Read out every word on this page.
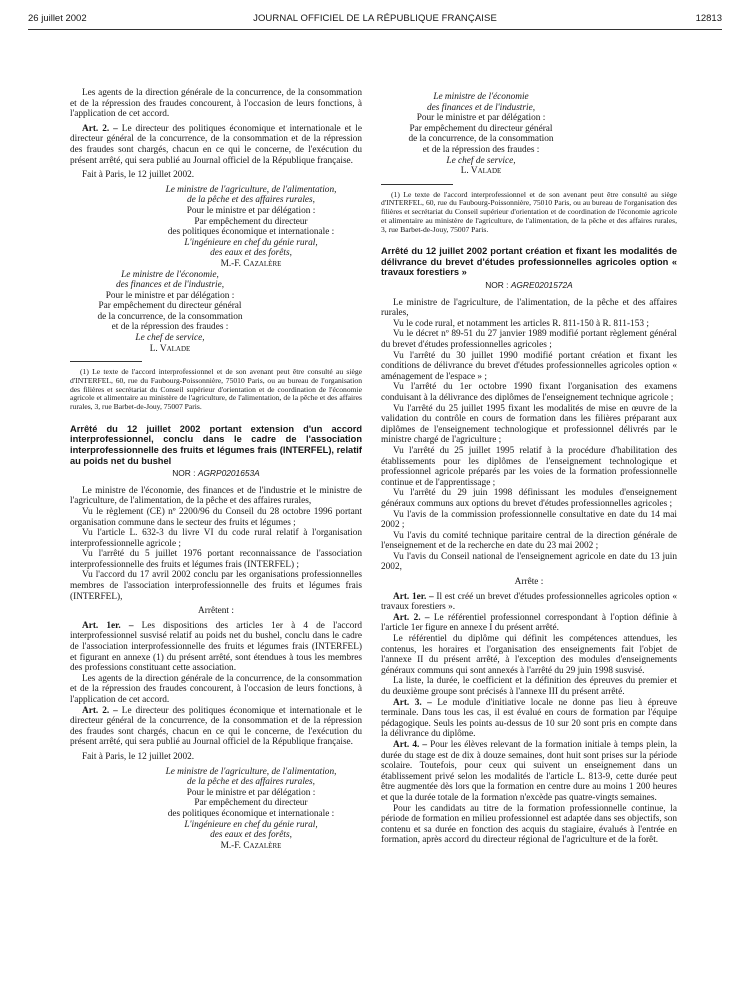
26 juillet 2002	JOURNAL OFFICIEL DE LA RÉPUBLIQUE FRANÇAISE	12813

Les agents de la direction générale de la concurrence, de la consommation et de la répression des fraudes concourent, à l'occasion de leurs fonctions, à l'application de cet accord.

Art. 2. – Le directeur des politiques économique et internationale et le directeur général de la concurrence, de la consommation et de la répression des fraudes sont chargés, chacun en ce qui le concerne, de l'exécution du présent arrêté, qui sera publié au Journal officiel de la République française.

Fait à Paris, le 12 juillet 2002.

Le ministre de l'agriculture, de l'alimentation,

de la pêche et des affaires rurales,

Pour le ministre et par délégation :

Par empêchement du directeur

des politiques économique et internationale :

L'ingénieure en chef du génie rural,

des eaux et des forêts,

M.-F. Cazalère

Le ministre de l'économie,

des finances et de l'industrie,

Pour le ministre et par délégation :

Par empêchement du directeur général

de la concurrence, de la consommation

et de la répression des fraudes :

Le chef de service,

L. Valade

(1) Le texte de l'accord interprofessionnel et de son avenant peut être consulté au siège d'INTERFEL, 60, rue du Faubourg-Poissonnière, 75010 Paris, ou au bureau de l'organisation des filières et secrétariat du Conseil supérieur d'orientation et de coordination de l'économie agricole et alimentaire au ministère de l'agriculture, de l'alimentation, de la pêche et des affaires rurales, 3, rue Barbet-de-Jouy, 75007 Paris.

Arrêté du 12 juillet 2002 portant extension d'un accord interprofessionnel, conclu dans le cadre de l'association interprofessionnelle des fruits et légumes frais (INTERFEL), relatif au poids net du bushel

NOR : AGRP0201653A

Le ministre de l'économie, des finances et de l'industrie et le ministre de l'agriculture, de l'alimentation, de la pêche et des affaires rurales,

Vu le règlement (CE) nº 2200/96 du Conseil du 28 octobre 1996 portant organisation commune dans le secteur des fruits et légumes ;

Vu l'article L. 632-3 du livre VI du code rural relatif à l'organisation interprofessionnelle agricole ;

Vu l'arrêté du 5 juillet 1976 portant reconnaissance de l'association interprofessionnelle des fruits et légumes frais (INTERFEL) ;

Vu l'accord du 17 avril 2002 conclu par les organisations professionnelles membres de l'association interprofessionnelle des fruits et légumes frais (INTERFEL),

Arrêtent :

Art. 1er. – Les dispositions des articles 1er à 4 de l'accord interprofessionnel susvisé relatif au poids net du bushel, conclu dans le cadre de l'association interprofessionnelle des fruits et légumes frais (INTERFEL) et figurant en annexe (1) du présent arrêté, sont étendues à tous les membres des professions constituant cette association.

Les agents de la direction générale de la concurrence, de la consommation et de la répression des fraudes concourent, à l'occasion de leurs fonctions, à l'application de cet accord.

Art. 2. – Le directeur des politiques économique et internationale et le directeur général de la concurrence, de la consommation et de la répression des fraudes sont chargés, chacun en ce qui le concerne, de l'exécution du présent arrêté, qui sera publié au Journal officiel de la République française.

Fait à Paris, le 12 juillet 2002.

Le ministre de l'agriculture, de l'alimentation,

de la pêche et des affaires rurales,

Pour le ministre et par délégation :

Par empêchement du directeur

des politiques économique et internationale :

L'ingénieure en chef du génie rural,

des eaux et des forêts,

M.-F. Cazalère

Le ministre de l'économie

des finances et de l'industrie,

Pour le ministre et par délégation :

Par empêchement du directeur général

de la concurrence, de la consommation

et de la répression des fraudes :

Le chef de service,

L. Valade

(1) Le texte de l'accord interprofessionnel et de son avenant peut être consulté au siège d'INTERFEL, 60, rue du Faubourg-Poissonnière, 75010 Paris, ou au bureau de l'organisation des filières et secrétariat du Conseil supérieur d'orientation et de coordination de l'économie agricole et alimentaire au ministère de l'agriculture, de l'alimentation, de la pêche et des affaires rurales, 3, rue Barbet-de-Jouy, 75007 Paris.

Arrêté du 12 juillet 2002 portant création et fixant les modalités de délivrance du brevet d'études professionnelles agricoles option « travaux forestiers »

NOR : AGRE0201572A

Le ministre de l'agriculture, de l'alimentation, de la pêche et des affaires rurales,

Vu le code rural, et notamment les articles R. 811-150 à R. 811-153 ;

Vu le décret nº 89-51 du 27 janvier 1989 modifié portant règlement général du brevet d'études professionnelles agricoles ;

Vu l'arrêté du 30 juillet 1990 modifié portant création et fixant les conditions de délivrance du brevet d'études professionnelles agricoles option « aménagement de l'espace » ;

Vu l'arrêté du 1er octobre 1990 fixant l'organisation des examens conduisant à la délivrance des diplômes de l'enseignement technique agricole ;

Vu l'arrêté du 25 juillet 1995 fixant les modalités de mise en œuvre de la validation du contrôle en cours de formation dans les filières préparant aux diplômes de l'enseignement technologique et professionnel délivrés par le ministre chargé de l'agriculture ;

Vu l'arrêté du 25 juillet 1995 relatif à la procédure d'habilitation des établissements pour les diplômes de l'enseignement technologique et professionnel agricole préparés par les voies de la formation professionnelle continue et de l'apprentissage ;

Vu l'arrêté du 29 juin 1998 définissant les modules d'enseignement généraux communs aux options du brevet d'études professionnelles agricoles ;

Vu l'avis de la commission professionnelle consultative en date du 14 mai 2002 ;

Vu l'avis du comité technique paritaire central de la direction générale de l'enseignement et de la recherche en date du 23 mai 2002 ;

Vu l'avis du Conseil national de l'enseignement agricole en date du 13 juin 2002,

Arrête :

Art. 1er. – Il est créé un brevet d'études professionnelles agricoles option « travaux forestiers ».

Art. 2. – Le référentiel professionnel correspondant à l'option définie à l'article 1er figure en annexe I du présent arrêté.

Le référentiel du diplôme qui définit les compétences attendues, les contenus, les horaires et l'organisation des enseignements fait l'objet de l'annexe II du présent arrêté, à l'exception des modules d'enseignements généraux communs qui sont annexés à l'arrêté du 29 juin 1998 susvisé.

La liste, la durée, le coefficient et la définition des épreuves du premier et du deuxième groupe sont précisés à l'annexe III du présent arrêté.

Art. 3. – Le module d'initiative locale ne donne pas lieu à épreuve terminale. Dans tous les cas, il est évalué en cours de formation par l'équipe pédagogique. Seuls les points au-dessus de 10 sur 20 sont pris en compte dans la délivrance du diplôme.

Art. 4. – Pour les élèves relevant de la formation initiale à temps plein, la durée du stage est de dix à douze semaines, dont huit sont prises sur la période scolaire. Toutefois, pour ceux qui suivent un enseignement dans un établissement privé selon les modalités de l'article L. 813-9, cette durée peut être augmentée dès lors que la formation en centre dure au moins 1 200 heures et que la durée totale de la formation n'excède pas quatre-vingts semaines.

Pour les candidats au titre de la formation professionnelle continue, la période de formation en milieu professionnel est adaptée dans ses objectifs, son contenu et sa durée en fonction des acquis du stagiaire, évalués à l'entrée en formation, après accord du directeur régional de l'agriculture et de la forêt.
